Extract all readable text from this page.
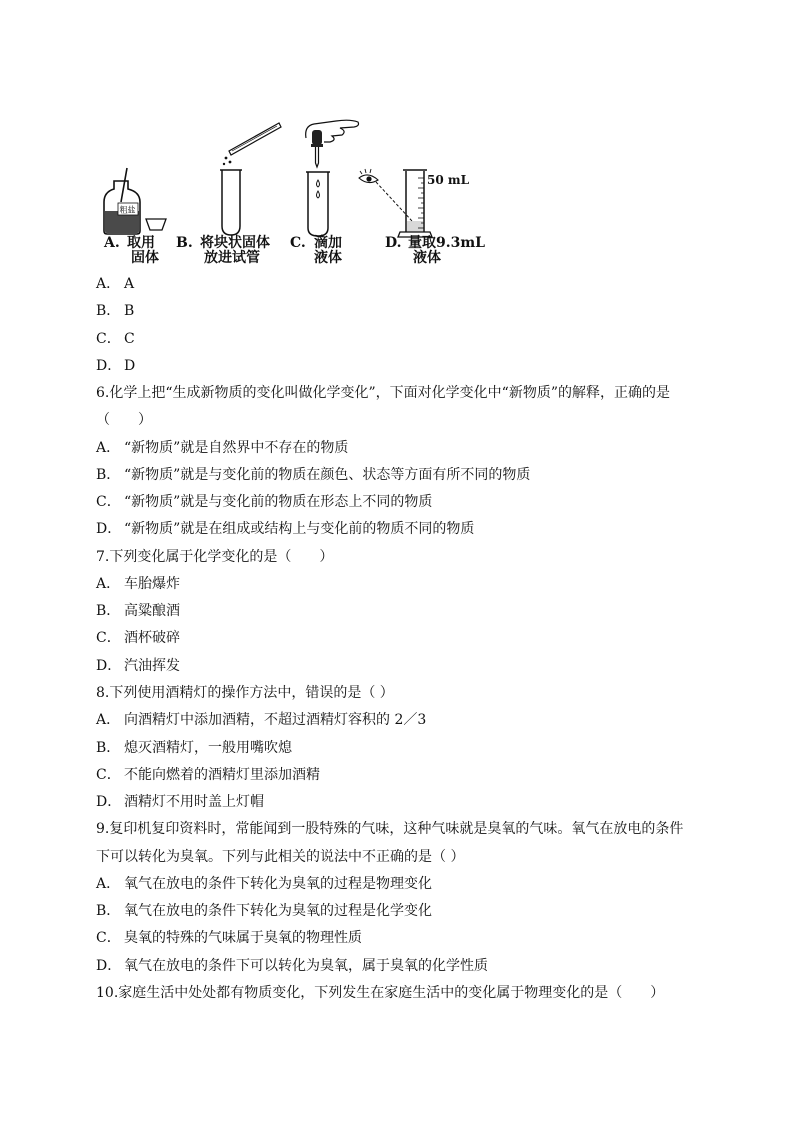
粗盐
A. 取用
固体
B. 将块状固体
放进试管
C. 滴加
液体
50 mL
D. 量取9.3mL
液体
A． A
B． B
C． C
D． D
6.化学上把“生成新物质的变化叫做化学变化”，下面对化学变化中“新物质”的解释，正确的是
（　　）
A． “新物质”就是自然界中不存在的物质
B． “新物质”就是与变化前的物质在颜色、状态等方面有所不同的物质
C． “新物质”就是与变化前的物质在形态上不同的物质
D． “新物质”就是在组成或结构上与变化前的物质不同的物质
7.下列变化属于化学变化的是（　　）
A． 车胎爆炸
B． 高粱酿酒
C． 酒杯破碎
D． 汽油挥发
8.下列使用酒精灯的操作方法中，错误的是（ ）
A． 向酒精灯中添加酒精，不超过酒精灯容积的 2／3
B． 熄灭酒精灯，一般用嘴吹熄
C． 不能向燃着的酒精灯里添加酒精
D． 酒精灯不用时盖上灯帽
9.复印机复印资料时，常能闻到一股特殊的气味，这种气味就是臭氧的气味。氧气在放电的条件
下可以转化为臭氧。下列与此相关的说法中不正确的是（ ）
A． 氧气在放电的条件下转化为臭氧的过程是物理变化
B． 氧气在放电的条件下转化为臭氧的过程是化学变化
C． 臭氧的特殊的气味属于臭氧的物理性质
D． 氧气在放电的条件下可以转化为臭氧，属于臭氧的化学性质
10.家庭生活中处处都有物质变化，下列发生在家庭生活中的变化属于物理变化的是（　　）
